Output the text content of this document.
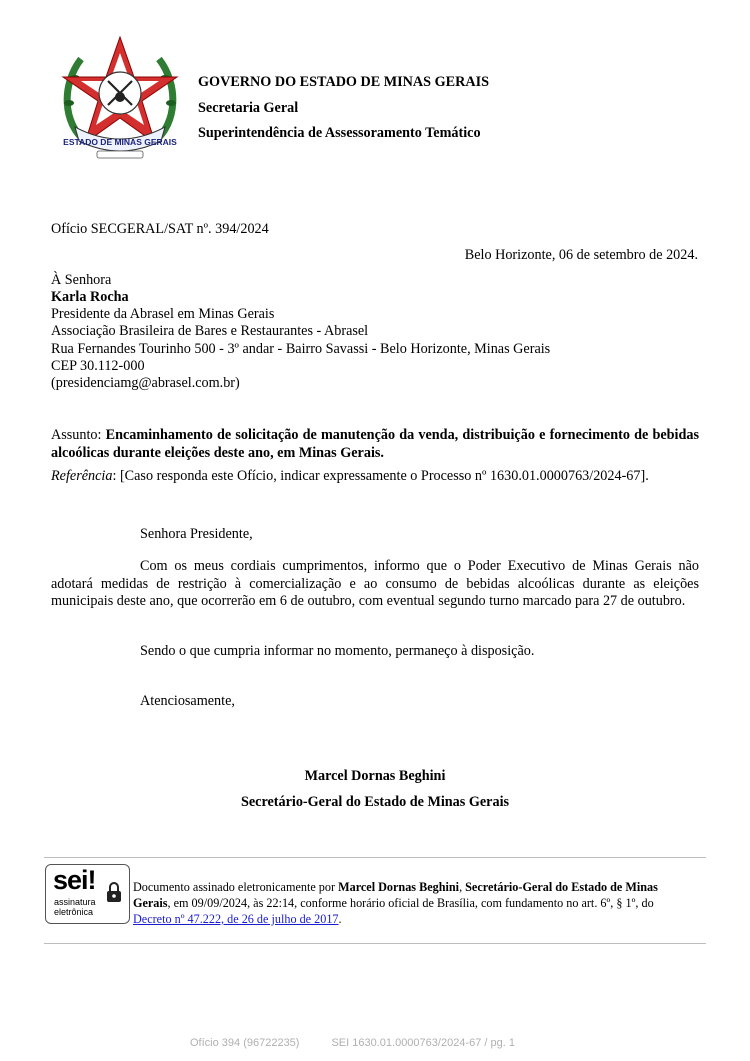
ESTADO DE MINAS GERAIS
GOVERNO DO ESTADO DE MINAS GERAIS
Secretaria Geral
Superintendência de Assessoramento Temático
Ofício SECGERAL/SAT nº. 394/2024
Belo Horizonte, 06 de setembro de 2024.
À Senhora
Karla Rocha
Presidente da Abrasel em Minas Gerais
Associação Brasileira de Bares e Restaurantes - Abrasel
Rua Fernandes Tourinho 500 - 3º andar - Bairro Savassi - Belo Horizonte, Minas Gerais
CEP 30.112-000
(presidenciamg@abrasel.com.br)
Assunto: Encaminhamento de solicitação de manutenção da venda, distribuição e fornecimento de bebidas alcoólicas durante eleições deste ano, em Minas Gerais.
Referência: [Caso responda este Ofício, indicar expressamente o Processo nº 1630.01.0000763/2024-67].
Senhora Presidente,
Com os meus cordiais cumprimentos, informo que o Poder Executivo de Minas Gerais não adotará medidas de restrição à comercialização e ao consumo de bebidas alcoólicas durante as eleições municipais deste ano, que ocorrerão em 6 de outubro, com eventual segundo turno marcado para 27 de outubro.
Sendo o que cumpria informar no momento, permaneço à disposição.
Atenciosamente,
Marcel Dornas Beghini
Secretário-Geral do Estado de Minas Gerais
sei!
assinatura
eletrônica
Documento assinado eletronicamente por Marcel Dornas Beghini, Secretário-Geral do Estado de Minas Gerais, em 09/09/2024, às 22:14, conforme horário oficial de Brasília, com fundamento no art. 6º, § 1º, do Decreto nº 47.222, de 26 de julho de 2017.
Ofício 394 (96722235)	SEI 1630.01.0000763/2024-67 / pg. 1
